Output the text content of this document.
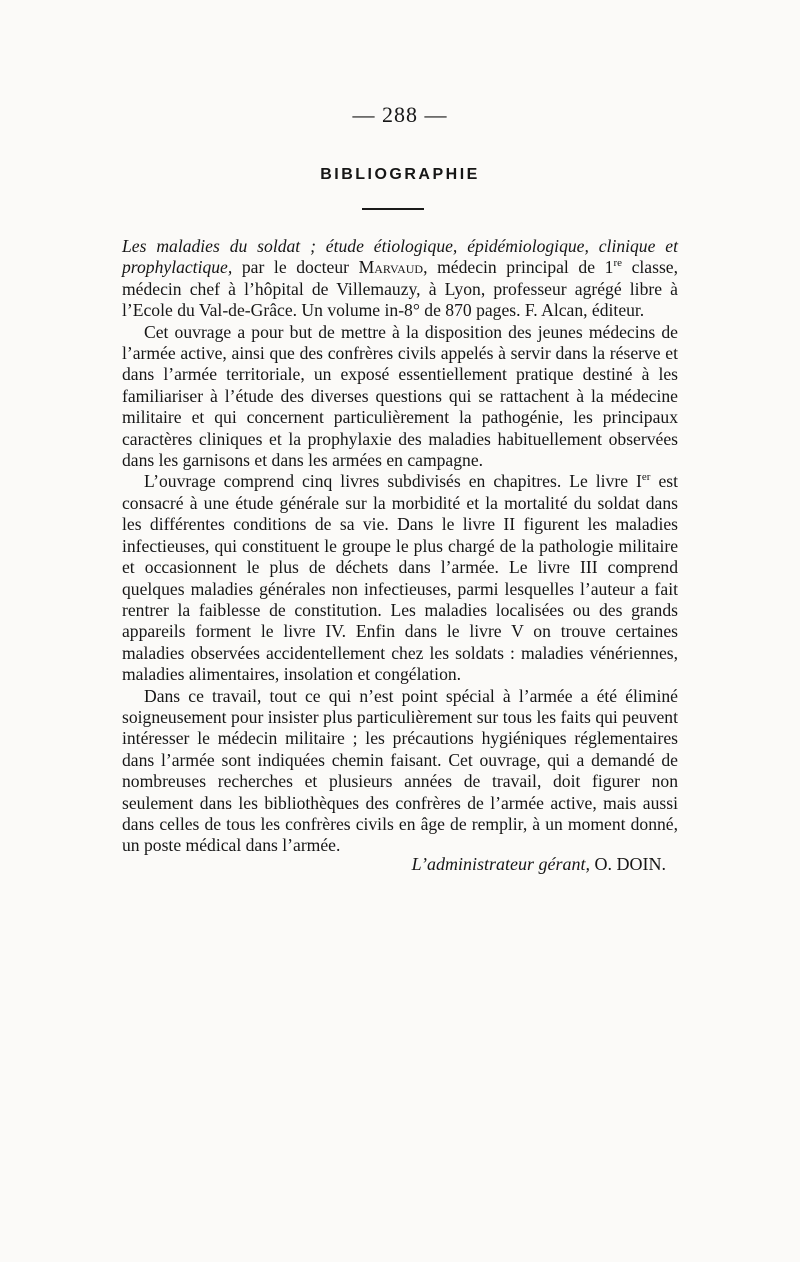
— 288 —
BIBLIOGRAPHIE

Les maladies du soldat ; étude étiologique, épidémiologique, clinique et prophylactique, par le docteur Marvaud, médecin principal de 1re classe, médecin chef à l’hôpital de Villemauzy, à Lyon, professeur agrégé libre à l’Ecole du Val-de-Grâce. Un volume in-8° de 870 pages. F. Alcan, éditeur.

Cet ouvrage a pour but de mettre à la disposition des jeunes médecins de l’armée active, ainsi que des confrères civils appelés à servir dans la réserve et dans l’armée territoriale, un exposé essentiellement pratique destiné à les familiariser à l’étude des diverses questions qui se rattachent à la médecine militaire et qui concernent particulièrement la pathogénie, les principaux caractères cliniques et la prophylaxie des maladies habituellement observées dans les garnisons et dans les armées en campagne.

L’ouvrage comprend cinq livres subdivisés en chapitres. Le livre Ier est consacré à une étude générale sur la morbidité et la mortalité du soldat dans les différentes conditions de sa vie. Dans le livre II figurent les maladies infectieuses, qui constituent le groupe le plus chargé de la pathologie militaire et occasionnent le plus de déchets dans l’armée. Le livre III comprend quelques maladies générales non infectieuses, parmi lesquelles l’auteur a fait rentrer la faiblesse de constitution. Les maladies localisées ou des grands appareils forment le livre IV. Enfin dans le livre V on trouve certaines maladies observées accidentellement chez les soldats : maladies vénériennes, maladies alimentaires, insolation et congélation.

Dans ce travail, tout ce qui n’est point spécial à l’armée a été éliminé soigneusement pour insister plus particulièrement sur tous les faits qui peuvent intéresser le médecin militaire ; les précautions hygiéniques réglementaires dans l’armée sont indiquées chemin faisant. Cet ouvrage, qui a demandé de nombreuses recherches et plusieurs années de travail, doit figurer non seulement dans les bibliothèques des confrères de l’armée active, mais aussi dans celles de tous les confrères civils en âge de remplir, à un moment donné, un poste médical dans l’armée.

L’administrateur gérant, O. DOIN.
